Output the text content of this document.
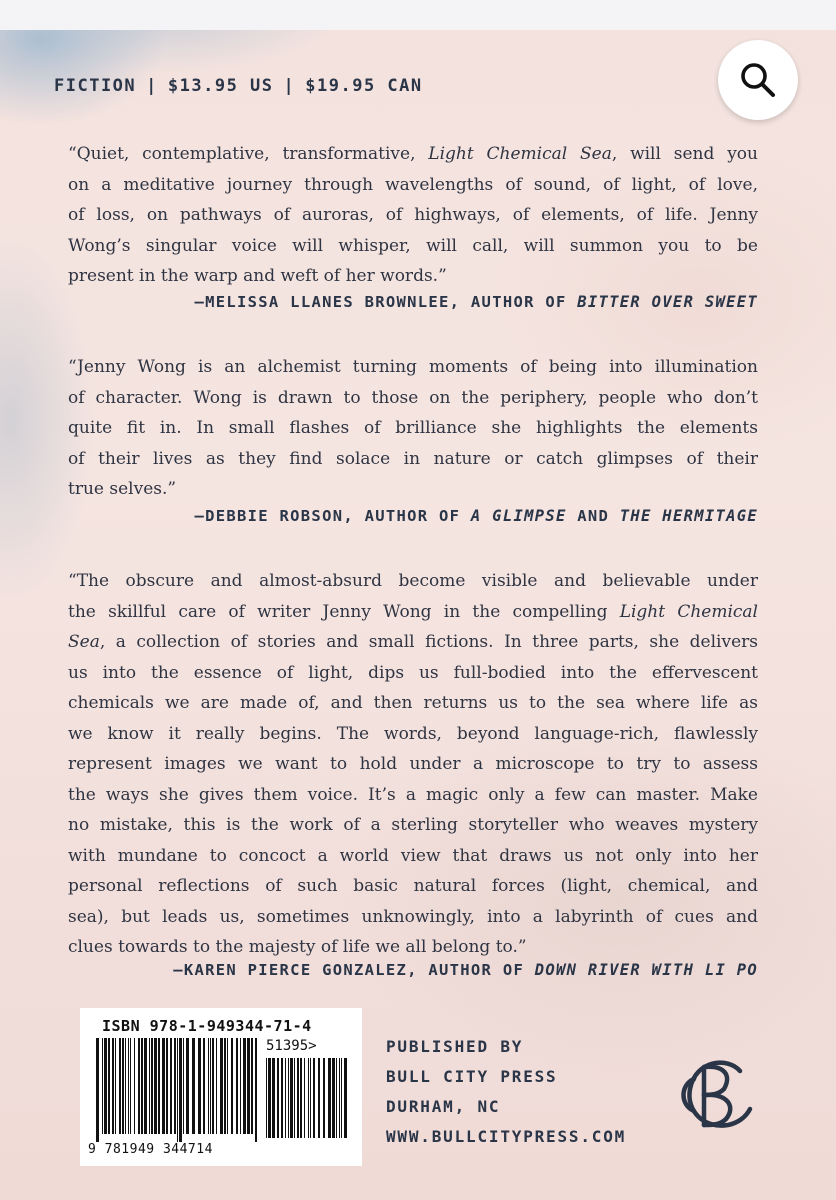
FICTION | $13.95 US | $19.95 CAN
“Quiet, contemplative, transformative, Light Chemical Sea, will send you
on a meditative journey through wavelengths of sound, of light, of love,
of loss, on pathways of auroras, of highways, of elements, of life. Jenny
Wong’s singular voice will whisper, will call, will summon you to be
present in the warp and weft of her words.”
—MELISSA LLANES BROWNLEE, AUTHOR OF BITTER OVER SWEET
“Jenny Wong is an alchemist turning moments of being into illumination
of character. Wong is drawn to those on the periphery, people who don’t
quite fit in. In small flashes of brilliance she highlights the elements
of their lives as they find solace in nature or catch glimpses of their
true selves.”
—DEBBIE ROBSON, AUTHOR OF A GLIMPSE AND THE HERMITAGE
“The obscure and almost-absurd become visible and believable under
the skillful care of writer Jenny Wong in the compelling Light Chemical
Sea, a collection of stories and small fictions. In three parts, she delivers
us into the essence of light, dips us full-bodied into the effervescent
chemicals we are made of, and then returns us to the sea where life as
we know it really begins. The words, beyond language-rich, flawlessly
represent images we want to hold under a microscope to try to assess
the ways she gives them voice. It’s a magic only a few can master. Make
no mistake, this is the work of a sterling storyteller who weaves mystery
with mundane to concoct a world view that draws us not only into her
personal reflections of such basic natural forces (light, chemical, and
sea), but leads us, sometimes unknowingly, into a labyrinth of cues and
clues towards to the majesty of life we all belong to.”
—KAREN PIERCE GONZALEZ, AUTHOR OF DOWN RIVER WITH LI PO
ISBN 978-1-949344-71-4
51395>
9 781949 344714
PUBLISHED BY
BULL CITY PRESS
DURHAM, NC
WWW.BULLCITYPRESS.COM
